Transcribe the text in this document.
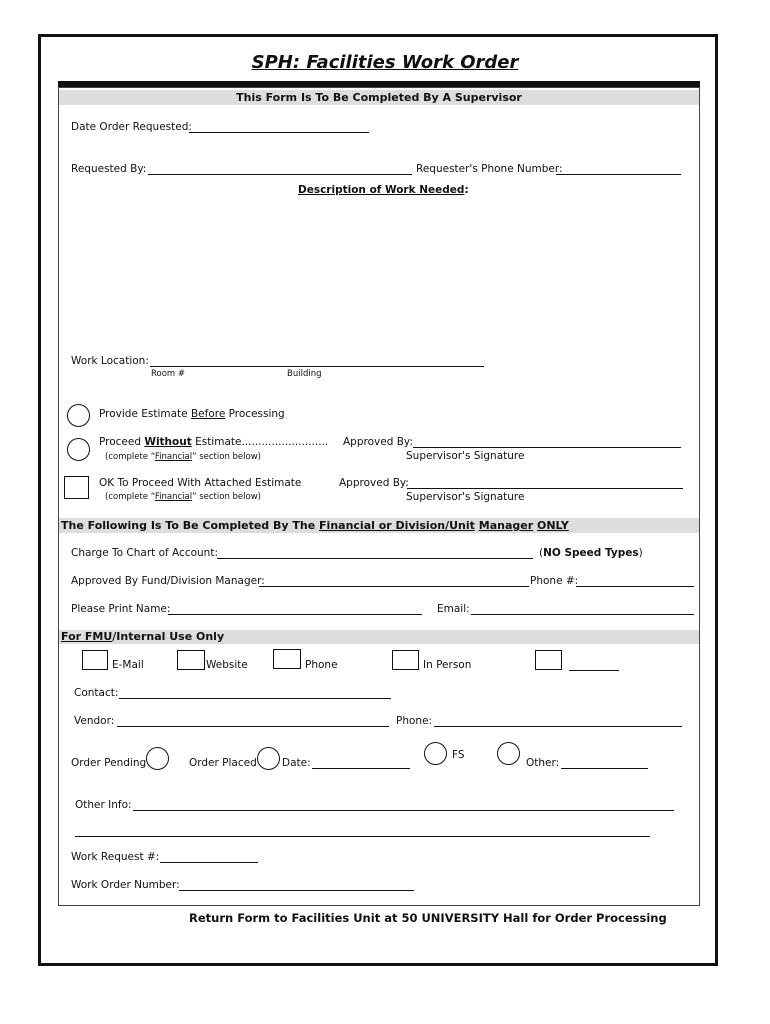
SPH: Facilities Work Order
This Form Is To Be Completed By A Supervisor
Date Order Requested:
Requested By:	Requester's Phone Number:
Description of Work Needed:
Work Location:
Room #	Building
Provide Estimate Before Processing
Proceed Without Estimate..........................
(complete “Financial” section below)
Approved By:
Supervisor's Signature
OK To Proceed With Attached Estimate
(complete “Financial” section below)
Approved By:
Supervisor's Signature
The Following Is To Be Completed By The Financial or Division/Unit Manager ONLY
Charge To Chart of Account:	(NO Speed Types)
Approved By Fund/Division Manager:	Phone #:
Please Print Name:	Email:
For FMU/Internal Use Only
E-Mail	Website	Phone	In Person
Contact:
Vendor:	Phone:
Order Pending	Order Placed Date:
FS
Other:
Other Info:
Work Request #:
Work Order Number:
Return Form to Facilities Unit at 50 UNIVERSITY Hall for Order Processing
